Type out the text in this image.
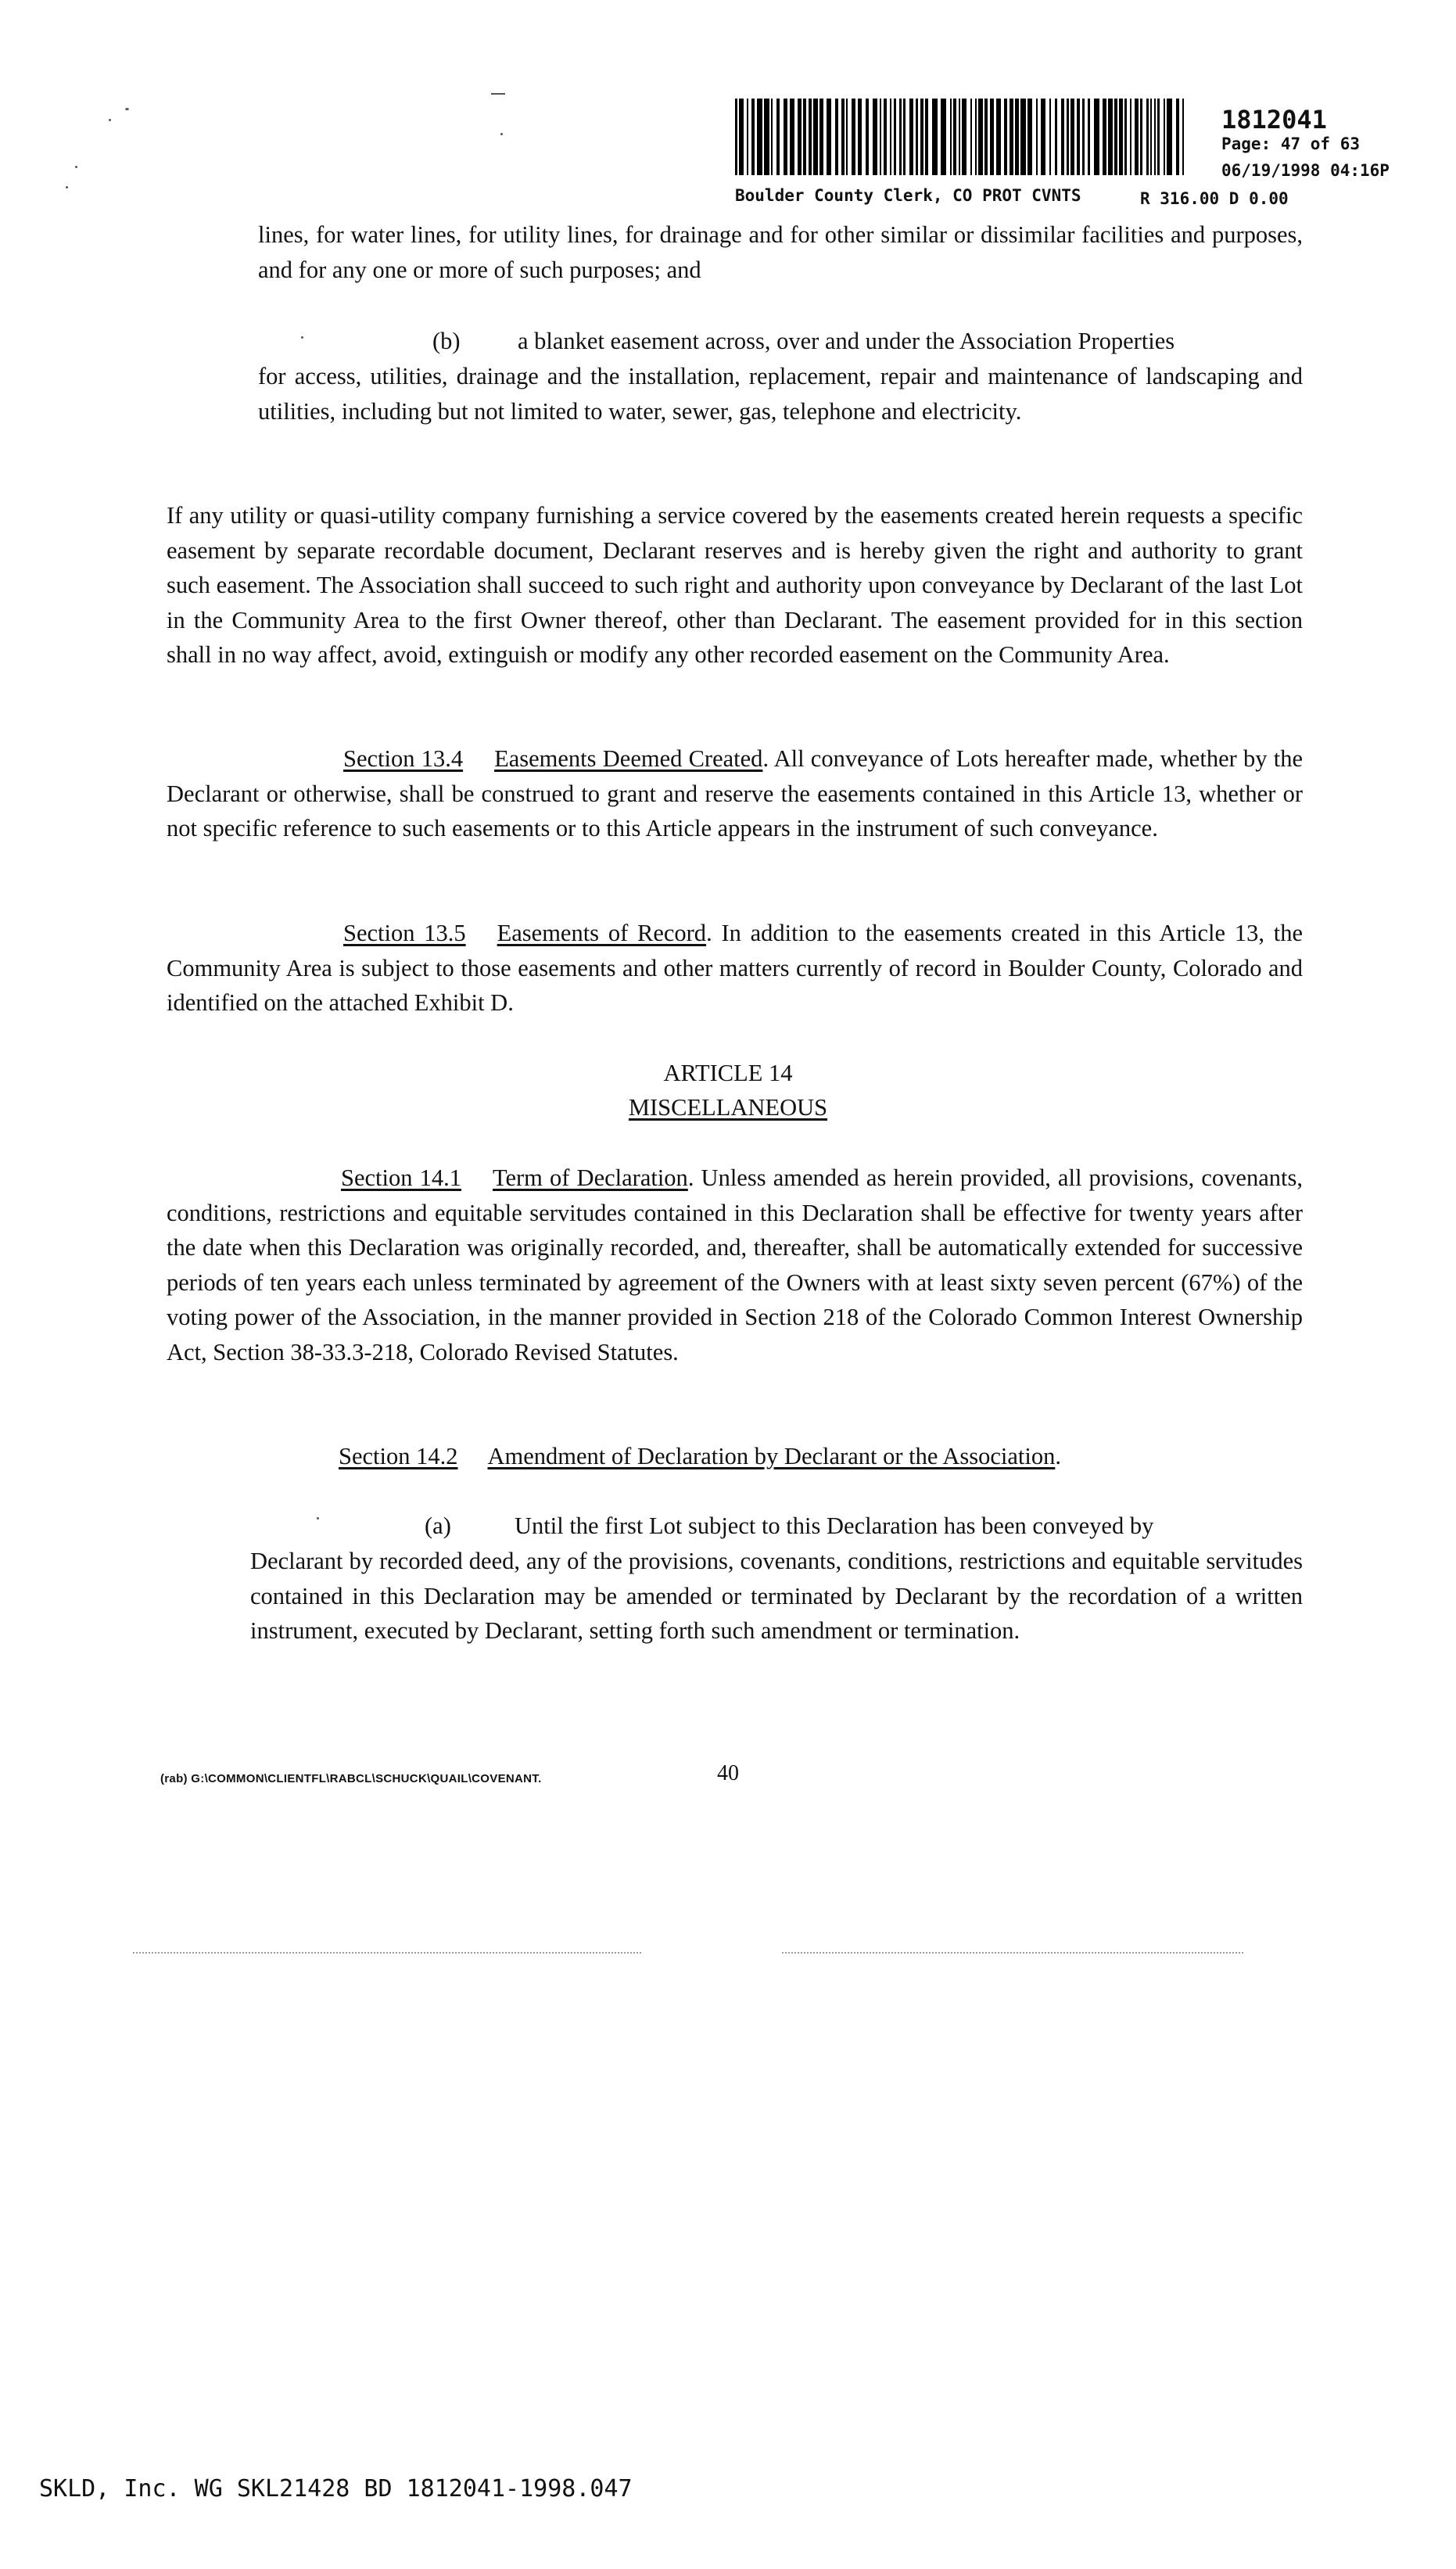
1812041
Page: 47 of 63
06/19/1998 04:16P
Boulder County Clerk, CO PROT CVNTS	R 316.00 D 0.00
lines, for water lines, for utility lines, for drainage and for other similar or dissimilar facilities and purposes, and for any one or more of such purposes; and
(b) a blanket easement across, over and under the Association Properties
for access, utilities, drainage and the installation, replacement, repair and maintenance of landscaping and utilities, including but not limited to water, sewer, gas, telephone and electricity.
If any utility or quasi-utility company furnishing a service covered by the easements created herein requests a specific easement by separate recordable document, Declarant reserves and is hereby given the right and authority to grant such easement. The Association shall succeed to such right and authority upon conveyance by Declarant of the last Lot in the Community Area to the first Owner thereof, other than Declarant. The easement provided for in this section shall in no way affect, avoid, extinguish or modify any other recorded easement on the Community Area.
Section 13.4 Easements Deemed Created. All conveyance of Lots hereafter made, whether by the Declarant or otherwise, shall be construed to grant and reserve the easements contained in this Article 13, whether or not specific reference to such easements or to this Article appears in the instrument of such conveyance.
Section 13.5 Easements of Record. In addition to the easements created in this Article 13, the Community Area is subject to those easements and other matters currently of record in Boulder County, Colorado and identified on the attached Exhibit D.
ARTICLE 14
MISCELLANEOUS
Section 14.1 Term of Declaration. Unless amended as herein provided, all provisions, covenants, conditions, restrictions and equitable servitudes contained in this Declaration shall be effective for twenty years after the date when this Declaration was originally recorded, and, thereafter, shall be automatically extended for successive periods of ten years each unless terminated by agreement of the Owners with at least sixty seven percent (67%) of the voting power of the Association, in the manner provided in Section 218 of the Colorado Common Interest Ownership Act, Section 38-33.3-218, Colorado Revised Statutes.
Section 14.2 Amendment of Declaration by Declarant or the Association.
(a)	Until the first Lot subject to this Declaration has been conveyed by
Declarant by recorded deed, any of the provisions, covenants, conditions, restrictions and equitable servitudes contained in this Declaration may be amended or terminated by Declarant by the recordation of a written instrument, executed by Declarant, setting forth such amendment or termination.
(rab) G:\COMMON\CLIENTFL\RABCL\SCHUCK\QUAIL\COVENANT.	40
SKLD, Inc. WG SKL21428 BD 1812041-1998.047
